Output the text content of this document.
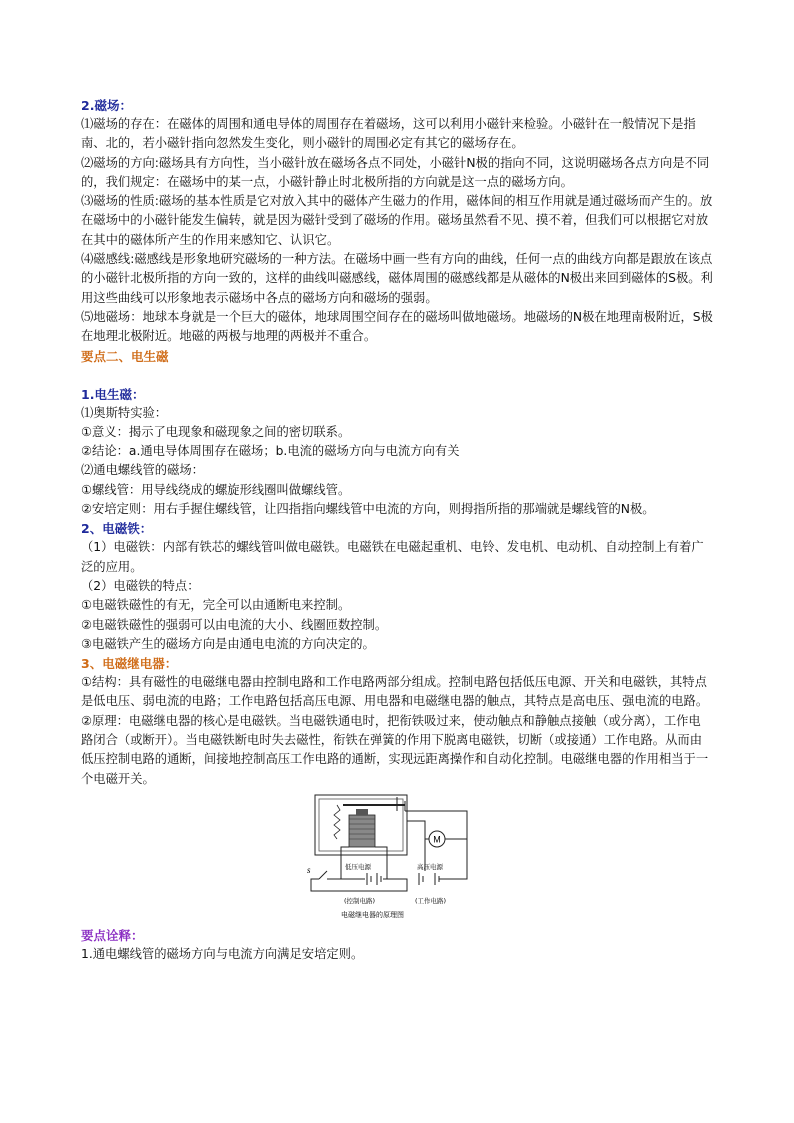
2.磁场：

⑴磁场的存在：在磁体的周围和通电导体的周围存在着磁场，这可以利用小磁针来检验。小磁针在一般情况下是指南、北的，若小磁针指向忽然发生变化，则小磁针的周围必定有其它的磁场存在。

⑵磁场的方向:磁场具有方向性，当小磁针放在磁场各点不同处，小磁针N极的指向不同，这说明磁场各点方向是不同的，我们规定：在磁场中的某一点，小磁针静止时北极所指的方向就是这一点的磁场方向。

⑶磁场的性质:磁场的基本性质是它对放入其中的磁体产生磁力的作用，磁体间的相互作用就是通过磁场而产生的。放在磁场中的小磁针能发生偏转，就是因为磁针受到了磁场的作用。磁场虽然看不见、摸不着，但我们可以根据它对放在其中的磁体所产生的作用来感知它、认识它。

⑷磁感线:磁感线是形象地研究磁场的一种方法。在磁场中画一些有方向的曲线，任何一点的曲线方向都是跟放在该点的小磁针北极所指的方向一致的，这样的曲线叫磁感线，磁体周围的磁感线都是从磁体的N极出来回到磁体的S极。利用这些曲线可以形象地表示磁场中各点的磁场方向和磁场的强弱。

⑸地磁场：地球本身就是一个巨大的磁体，地球周围空间存在的磁场叫做地磁场。地磁场的N极在地理南极附近，S极在地理北极附近。地磁的两极与地理的两极并不重合。

要点二、电生磁

1.电生磁：

⑴奥斯特实验：

①意义：揭示了电现象和磁现象之间的密切联系。

②结论：a.通电导体周围存在磁场；b.电流的磁场方向与电流方向有关

⑵通电螺线管的磁场：

①螺线管：用导线绕成的螺旋形线圈叫做螺线管。

②安培定则：用右手握住螺线管，让四指指向螺线管中电流的方向，则拇指所指的那端就是螺线管的N极。

2、电磁铁：

（1）电磁铁：内部有铁芯的螺线管叫做电磁铁。电磁铁在电磁起重机、电铃、发电机、电动机、自动控制上有着广泛的应用。

（2）电磁铁的特点：

①电磁铁磁性的有无，完全可以由通断电来控制。

②电磁铁磁性的强弱可以由电流的大小、线圈匝数控制。

③电磁铁产生的磁场方向是由通电电流的方向决定的。

3、电磁继电器：

①结构：具有磁性的电磁继电器由控制电路和工作电路两部分组成。控制电路包括低压电源、开关和电磁铁，其特点是低电压、弱电流的电路；工作电路包括高压电源、用电器和电磁继电器的触点，其特点是高电压、强电流的电路。

②原理：电磁继电器的核心是电磁铁。当电磁铁通电时，把衔铁吸过来，使动触点和静触点接触（或分离），工作电路闭合（或断开）。当电磁铁断电时失去磁性，衔铁在弹簧的作用下脱离电磁铁，切断（或接通）工作电路。从而由低压控制电路的通断，间接地控制高压工作电路的通断，实现远距离操作和自动化控制。电磁继电器的作用相当于一个电磁开关。

M
s	低压电源
(控制电路)
高压电源
(工作电路)
电磁继电器的原理图

要点诠释：

1.通电螺线管的磁场方向与电流方向满足安培定则。
